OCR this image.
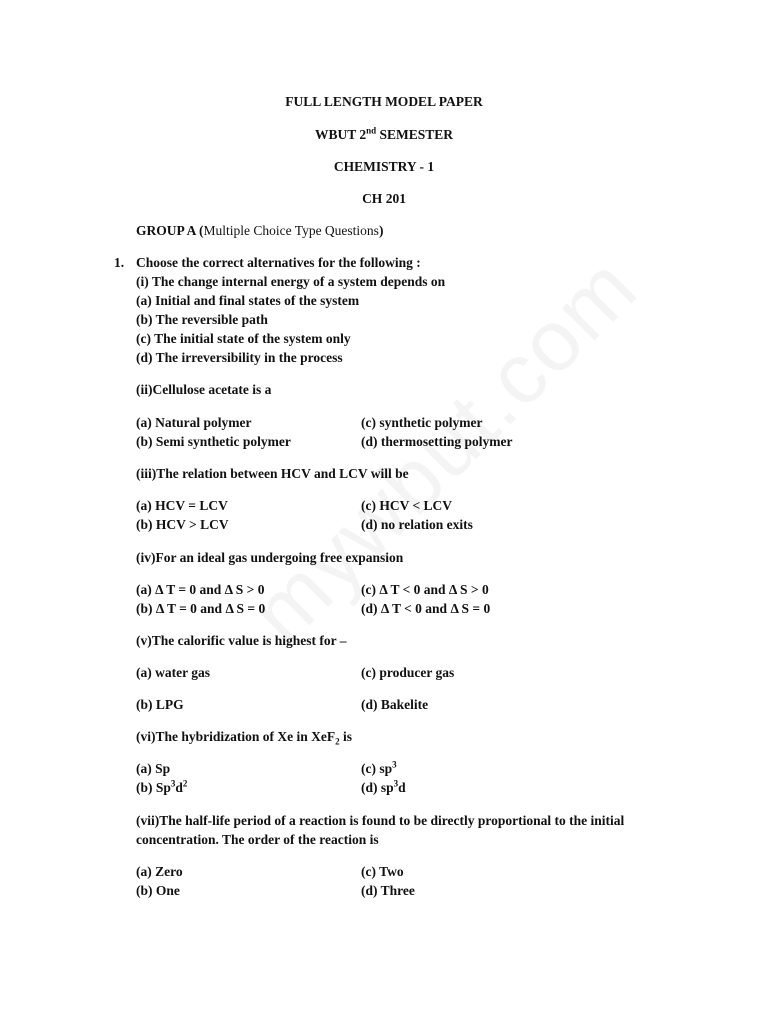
FULL LENGTH MODEL PAPER
WBUT 2nd SEMESTER
CHEMISTRY - 1
CH 201
GROUP A (Multiple Choice Type Questions)
1. Choose the correct alternatives for the following :
(i) The change internal energy of a system depends on
(a) Initial and final states of the system
(b) The reversible path
(c) The initial state of the system only
(d) The irreversibility in the process
(ii)Cellulose acetate is a
(a) Natural polymer	(c) synthetic polymer
(b) Semi synthetic polymer	(d) thermosetting polymer
(iii)The relation between HCV and LCV will be
(a) HCV = LCV	(c) HCV < LCV
(b) HCV > LCV	(d) no relation exits
(iv)For an ideal gas undergoing free expansion
(a) Δ T = 0 and Δ S > 0	(c) Δ T < 0 and Δ S > 0
(b) Δ T = 0 and Δ S = 0	(d) Δ T < 0 and Δ S = 0
(v)The calorific value is highest for –
(a) water gas	(c) producer gas
(b) LPG	(d) Bakelite
(vi)The hybridization of Xe in XeF$_2$ is
(a) Sp	(c) $sp^3$
(b) $Sp^3d^2$	(d) $sp^3d$
(vii)The half-life period of a reaction is found to be directly proportional to the initial
concentration. The order of the reaction is
(a) Zero	(c) Two
(b) One	(d) Three
